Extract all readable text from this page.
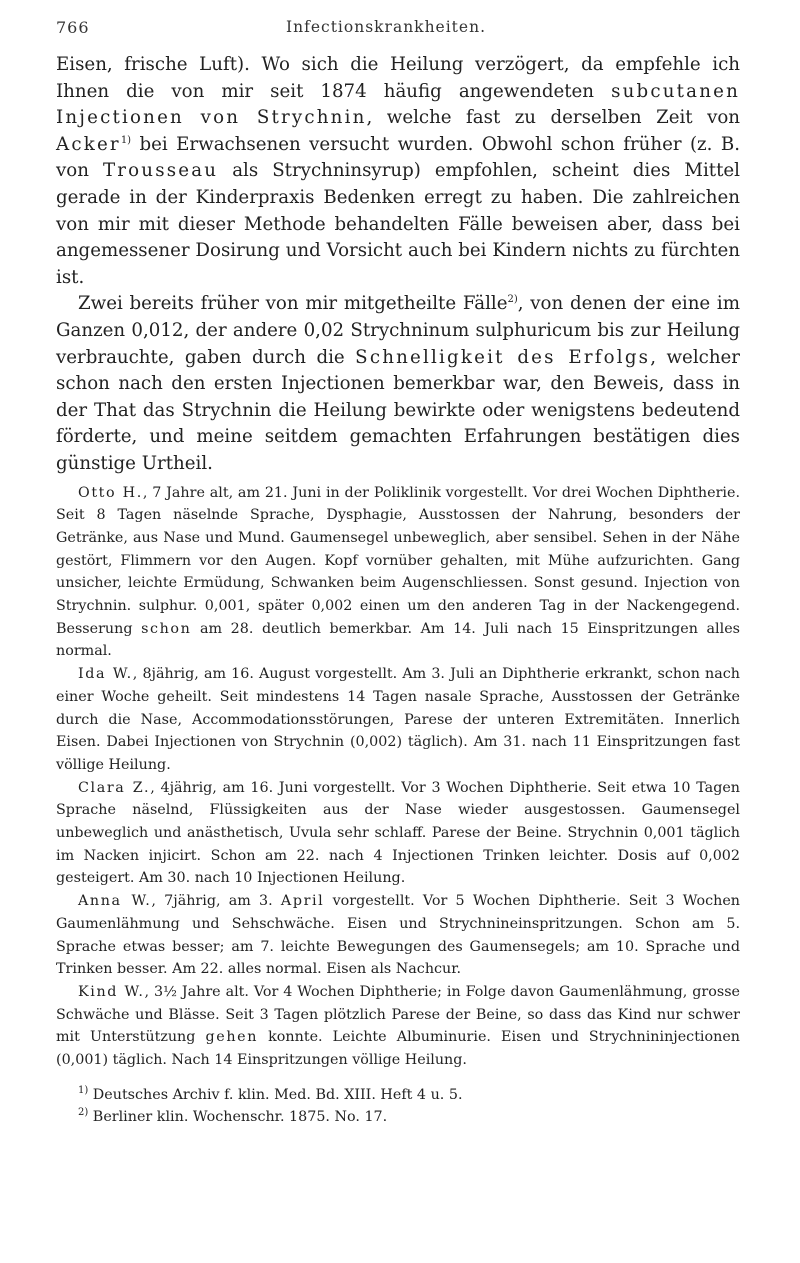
766	Infectionskrankheiten.

Eisen, frische Luft). Wo sich die Heilung verzögert, da empfehle ich Ihnen die von mir seit 1874 häufig angewendeten subcutanen Injectionen von Strychnin, welche fast zu derselben Zeit von Acker$^{1)}$ bei Erwachsenen versucht wurden. Obwohl schon früher (z. B. von Trousseau als Strychninsyrup) empfohlen, scheint dies Mittel gerade in der Kinderpraxis Bedenken erregt zu haben. Die zahlreichen von mir mit dieser Methode behandelten Fälle beweisen aber, dass bei angemessener Dosirung und Vorsicht auch bei Kindern nichts zu fürchten ist.

Zwei bereits früher von mir mitgetheilte Fälle$^{2)}$, von denen der eine im Ganzen 0,012, der andere 0,02 Strychninum sulphuricum bis zur Heilung verbrauchte, gaben durch die Schnelligkeit des Erfolgs, welcher schon nach den ersten Injectionen bemerkbar war, den Beweis, dass in der That das Strychnin die Heilung bewirkte oder wenigstens bedeutend förderte, und meine seitdem gemachten Erfahrungen bestätigen dies günstige Urtheil.

Otto H., 7 Jahre alt, am 21. Juni in der Poliklinik vorgestellt. Vor drei Wochen Diphtherie. Seit 8 Tagen näselnde Sprache, Dysphagie, Ausstossen der Nahrung, besonders der Getränke, aus Nase und Mund. Gaumensegel unbeweglich, aber sensibel. Sehen in der Nähe gestört, Flimmern vor den Augen. Kopf vornüber gehalten, mit Mühe aufzurichten. Gang unsicher, leichte Ermüdung, Schwanken beim Augenschliessen. Sonst gesund. Injection von Strychnin. sulphur. 0,001, später 0,002 einen um den anderen Tag in der Nackengegend. Besserung schon am 28. deutlich bemerkbar. Am 14. Juli nach 15 Einspritzungen alles normal.

Ida W., 8jährig, am 16. August vorgestellt. Am 3. Juli an Diphtherie erkrankt, schon nach einer Woche geheilt. Seit mindestens 14 Tagen nasale Sprache, Ausstossen der Getränke durch die Nase, Accommodationsstörungen, Parese der unteren Extremitäten. Innerlich Eisen. Dabei Injectionen von Strychnin (0,002) täglich). Am 31. nach 11 Einspritzungen fast völlige Heilung.

Clara Z., 4jährig, am 16. Juni vorgestellt. Vor 3 Wochen Diphtherie. Seit etwa 10 Tagen Sprache näselnd, Flüssigkeiten aus der Nase wieder ausgestossen. Gaumensegel unbeweglich und anästhetisch, Uvula sehr schlaff. Parese der Beine. Strychnin 0,001 täglich im Nacken injicirt. Schon am 22. nach 4 Injectionen Trinken leichter. Dosis auf 0,002 gesteigert. Am 30. nach 10 Injectionen Heilung.

Anna W., 7jährig, am 3. April vorgestellt. Vor 5 Wochen Diphtherie. Seit 3 Wochen Gaumenlähmung und Sehschwäche. Eisen und Strychnineinspritzungen. Schon am 5. Sprache etwas besser; am 7. leichte Bewegungen des Gaumensegels; am 10. Sprache und Trinken besser. Am 22. alles normal. Eisen als Nachcur.

Kind W., 3½ Jahre alt. Vor 4 Wochen Diphtherie; in Folge davon Gaumenlähmung, grosse Schwäche und Blässe. Seit 3 Tagen plötzlich Parese der Beine, so dass das Kind nur schwer mit Unterstützung gehen konnte. Leichte Albuminurie. Eisen und Strychnininjectionen (0,001) täglich. Nach 14 Einspritzungen völlige Heilung.

$^{1)}$ Deutsches Archiv f. klin. Med. Bd. XIII. Heft 4 u. 5.

$^{2)}$ Berliner klin. Wochenschr. 1875. No. 17.
